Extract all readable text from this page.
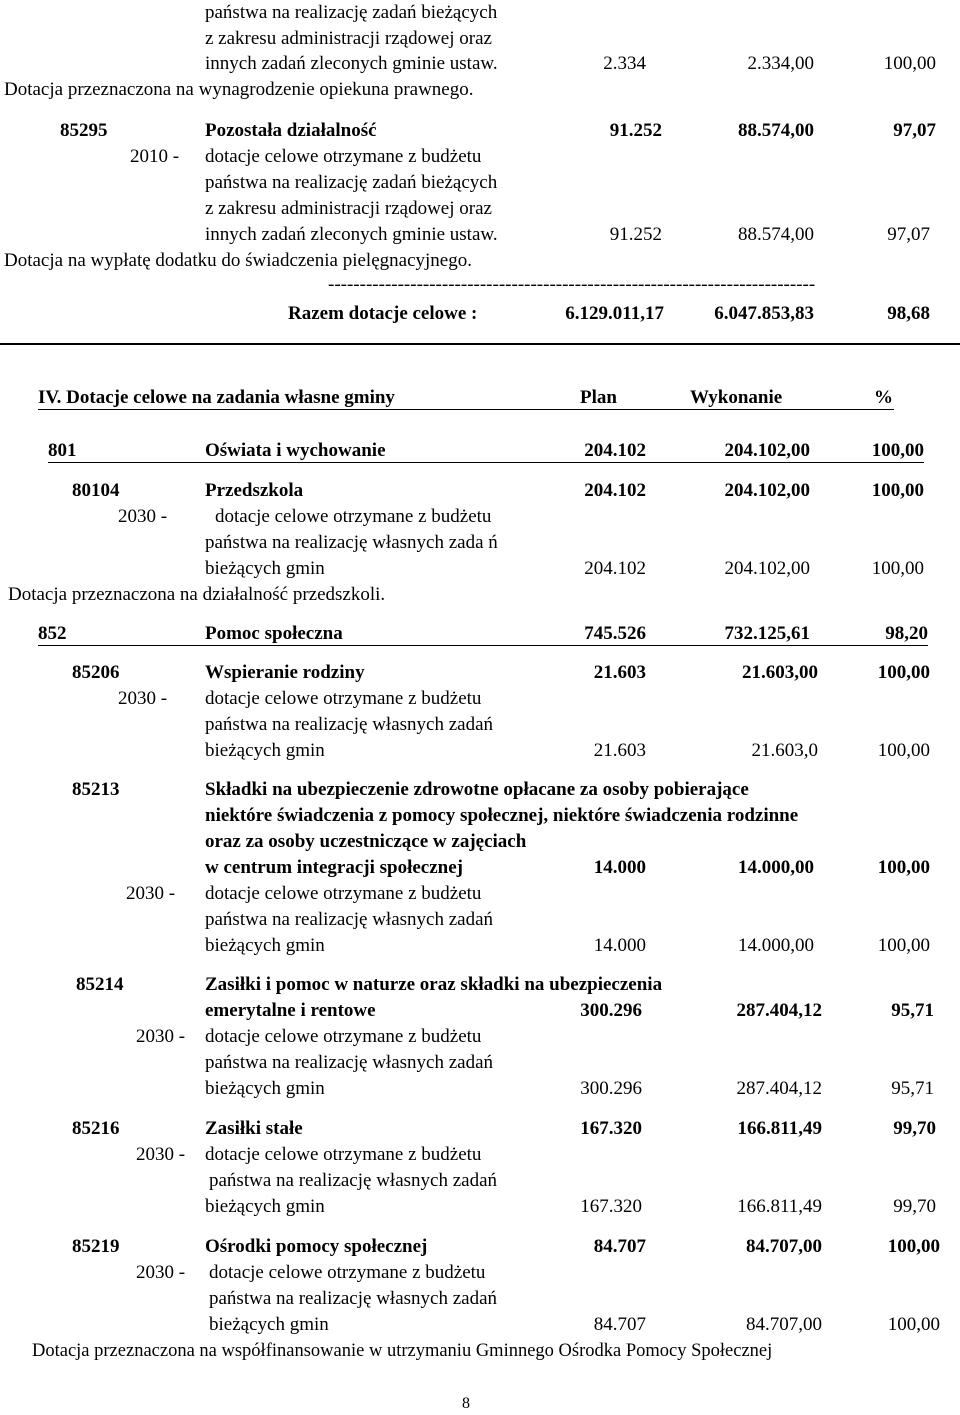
państwa na realizację zadań bieżących
z zakresu administracji rządowej oraz
innych zadań zleconych gminie ustaw.	2.334	2.334,00	100,00
Dotacja przeznaczona na wynagrodzenie opiekuna prawnego.
85295	Pozostała działalność	91.252	88.574,00	97,07
2010 - dotacje celowe otrzymane z budżetu
państwa na realizację zadań bieżących
z zakresu administracji rządowej oraz
innych zadań zleconych gminie ustaw.	91.252	88.574,00	97,07
Dotacja na wypłatę dodatku do świadczenia pielęgnacyjnego.
-----------------------------------------------------------------------------
Razem dotacje celowe :	6.129.011,17	6.047.853,83	98,68
IV. Dotacje celowe na zadania własne gminy	Plan	Wykonanie	%
801	Oświata i wychowanie	204.102	204.102,00	100,00
80104	Przedszkola	204.102	204.102,00	100,00
2030 -	dotacje celowe otrzymane z budżetu
państwa na realizację własnych zada ń
bieżących gmin	204.102	204.102,00	100,00
Dotacja przeznaczona na działalność przedszkoli.
852	Pomoc społeczna	745.526	732.125,61	98,20
85206	Wspieranie rodziny	21.603	21.603,00	100,00
2030 - dotacje celowe otrzymane z budżetu
państwa na realizację własnych zadań
bieżących gmin	21.603	21.603,0	100,00
85213	Składki na ubezpieczenie zdrowotne opłacane za osoby pobierające
niektóre świadczenia z pomocy społecznej, niektóre świadczenia rodzinne
oraz za osoby uczestniczące w zajęciach
w centrum integracji społecznej	14.000	14.000,00	100,00
2030 - dotacje celowe otrzymane z budżetu
państwa na realizację własnych zadań
bieżących gmin	14.000	14.000,00	100,00
85214	Zasiłki i pomoc w naturze oraz składki na ubezpieczenia
emerytalne i rentowe	300.296	287.404,12	95,71
2030 - dotacje celowe otrzymane z budżetu
państwa na realizację własnych zadań
bieżących gmin	300.296	287.404,12	95,71
85216	Zasiłki stałe	167.320	166.811,49	99,70
2030 - dotacje celowe otrzymane z budżetu
państwa na realizację własnych zadań
bieżących gmin	167.320	166.811,49	99,70
85219	Ośrodki pomocy społecznej	84.707	84.707,00	100,00
2030 - dotacje celowe otrzymane z budżetu
państwa na realizację własnych zadań
bieżących gmin	84.707	84.707,00	100,00
Dotacja przeznaczona na współfinansowanie w utrzymaniu Gminnego Ośrodka Pomocy Społecznej
8
